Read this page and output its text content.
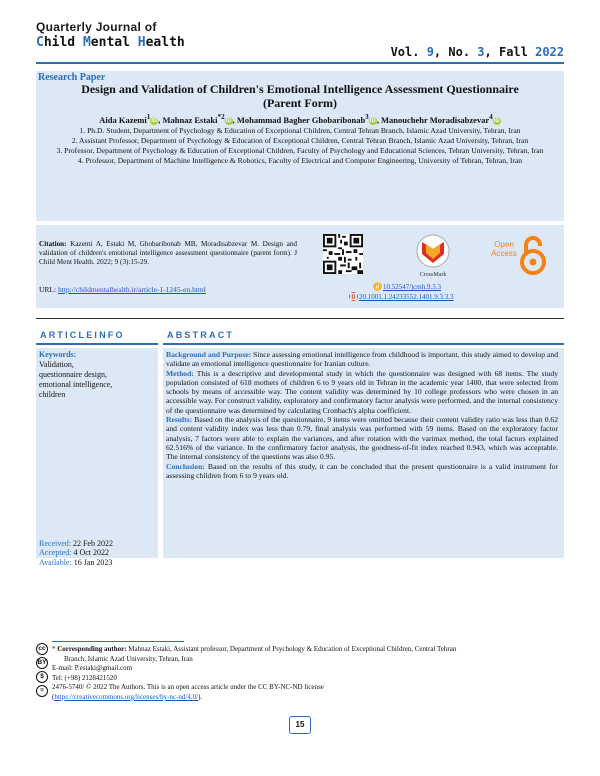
Quarterly Journal of
Child Mental Health
Vol. 9, No. 3, Fall 2022
Research Paper
Design and Validation of Children's Emotional Intelligence Assessment Questionnaire
(Parent Form)
Aida Kazemi$^1$iD, Mahnaz Estaki$^{*2}$iD, Mohammad Bagher Ghobaribonab$^3$iD, Manouchehr Moradisabzevar$^4$iD
1. Ph.D. Student, Department of Psychology & Education of Exceptional Children, Central Tehran Branch, Islamic Azad University, Tehran, Iran
2. Assistant Professor, Department of Psychology & Education of Exceptional Children, Central Tehran Branch, Islamic Azad University, Tehran, Iran
3. Professor, Department of Psychology & Education of Exceptional Children, Faculty of Psychology and Educational Sciences, Tehran University, Tehran, Iran
4. Professor, Department of Machine Intelligence & Robotics, Faculty of Electrical and Computer Engineering, University of Tehran, Tehran, Iran
Citation: Kazemi A, Estaki M, Ghobaribonab MB, Moradisabzevar M. Design and validation of children's emotional intelligence assessment questionnaire (parent form). J Child Ment Health. 2022; 9 (3):15-29.
URL: http://childmentalhealth.ir/article-1-1245-en.html
CrossMark
Open
Access
d 10.52547/jcmh.9.3.3
D 20.1001.1.24233552.1401.9.3.3.3
ARTICLEINFO	ABSTRACT
Keywords:
Validation,
questionnaire design,
emotional intelligence,
children
Received: 22 Feb 2022
Accepted: 4 Oct 2022
Available: 16 Jan 2023

Background and Purpose: Since assessing emotional intelligence from childhood is important, this study aimed to develop and validate an emotional intelligence questionnaire for Iranian culture.

Method: This is a descriptive and developmental study in which the questionnaire was designed with 68 items. The study population consisted of 618 mothers of children 6 to 9 years old in Tehran in the academic year 1400, that were selected from schools by means of accessible way. The content validity was determined by 10 college professors who were chosen in an accessible way. For construct validity, exploratory and confirmatory factor analysis were performed, and the internal consistency of the questionnaire was determined by calculating Cronbach's alpha coefficient.

Results: Based on the analysis of the questionnaire, 9 items were omitted because their content validity ratio was less than 0.62 and content validity index was less than 0.79, final analysis was performed with 59 items. Based on the exploratory factor analysis, 7 factors were able to explain the variances, and after rotation with the varimax method, the total factors explained 62.516% of the variance. In the confirmatory factor analysis, the goodness-of-fit index reached 0.943, which was acceptable. The internal consistency of the questions was also 0.95.

Conclusion: Based on the results of this study, it can be concluded that the present questionnaire is a valid instrument for assessing children from 6 to 9 years old.

cc
BY
$
=
* Corresponding author: Mahnaz Estaki, Assistant professor, Department of Psychology & Education of Exceptional Children, Central Tehran
Branch, Islamic Azad University, Tehran, Iran
E-mail: P.estaki@gmail.com
Tel: (+98) 2128421520
2476-5740/ © 2022 The Authors. This is an open access article under the CC BY-NC-ND license
(https://creativecommons.org/licenses/by-nc-nd/4.0/).
15
